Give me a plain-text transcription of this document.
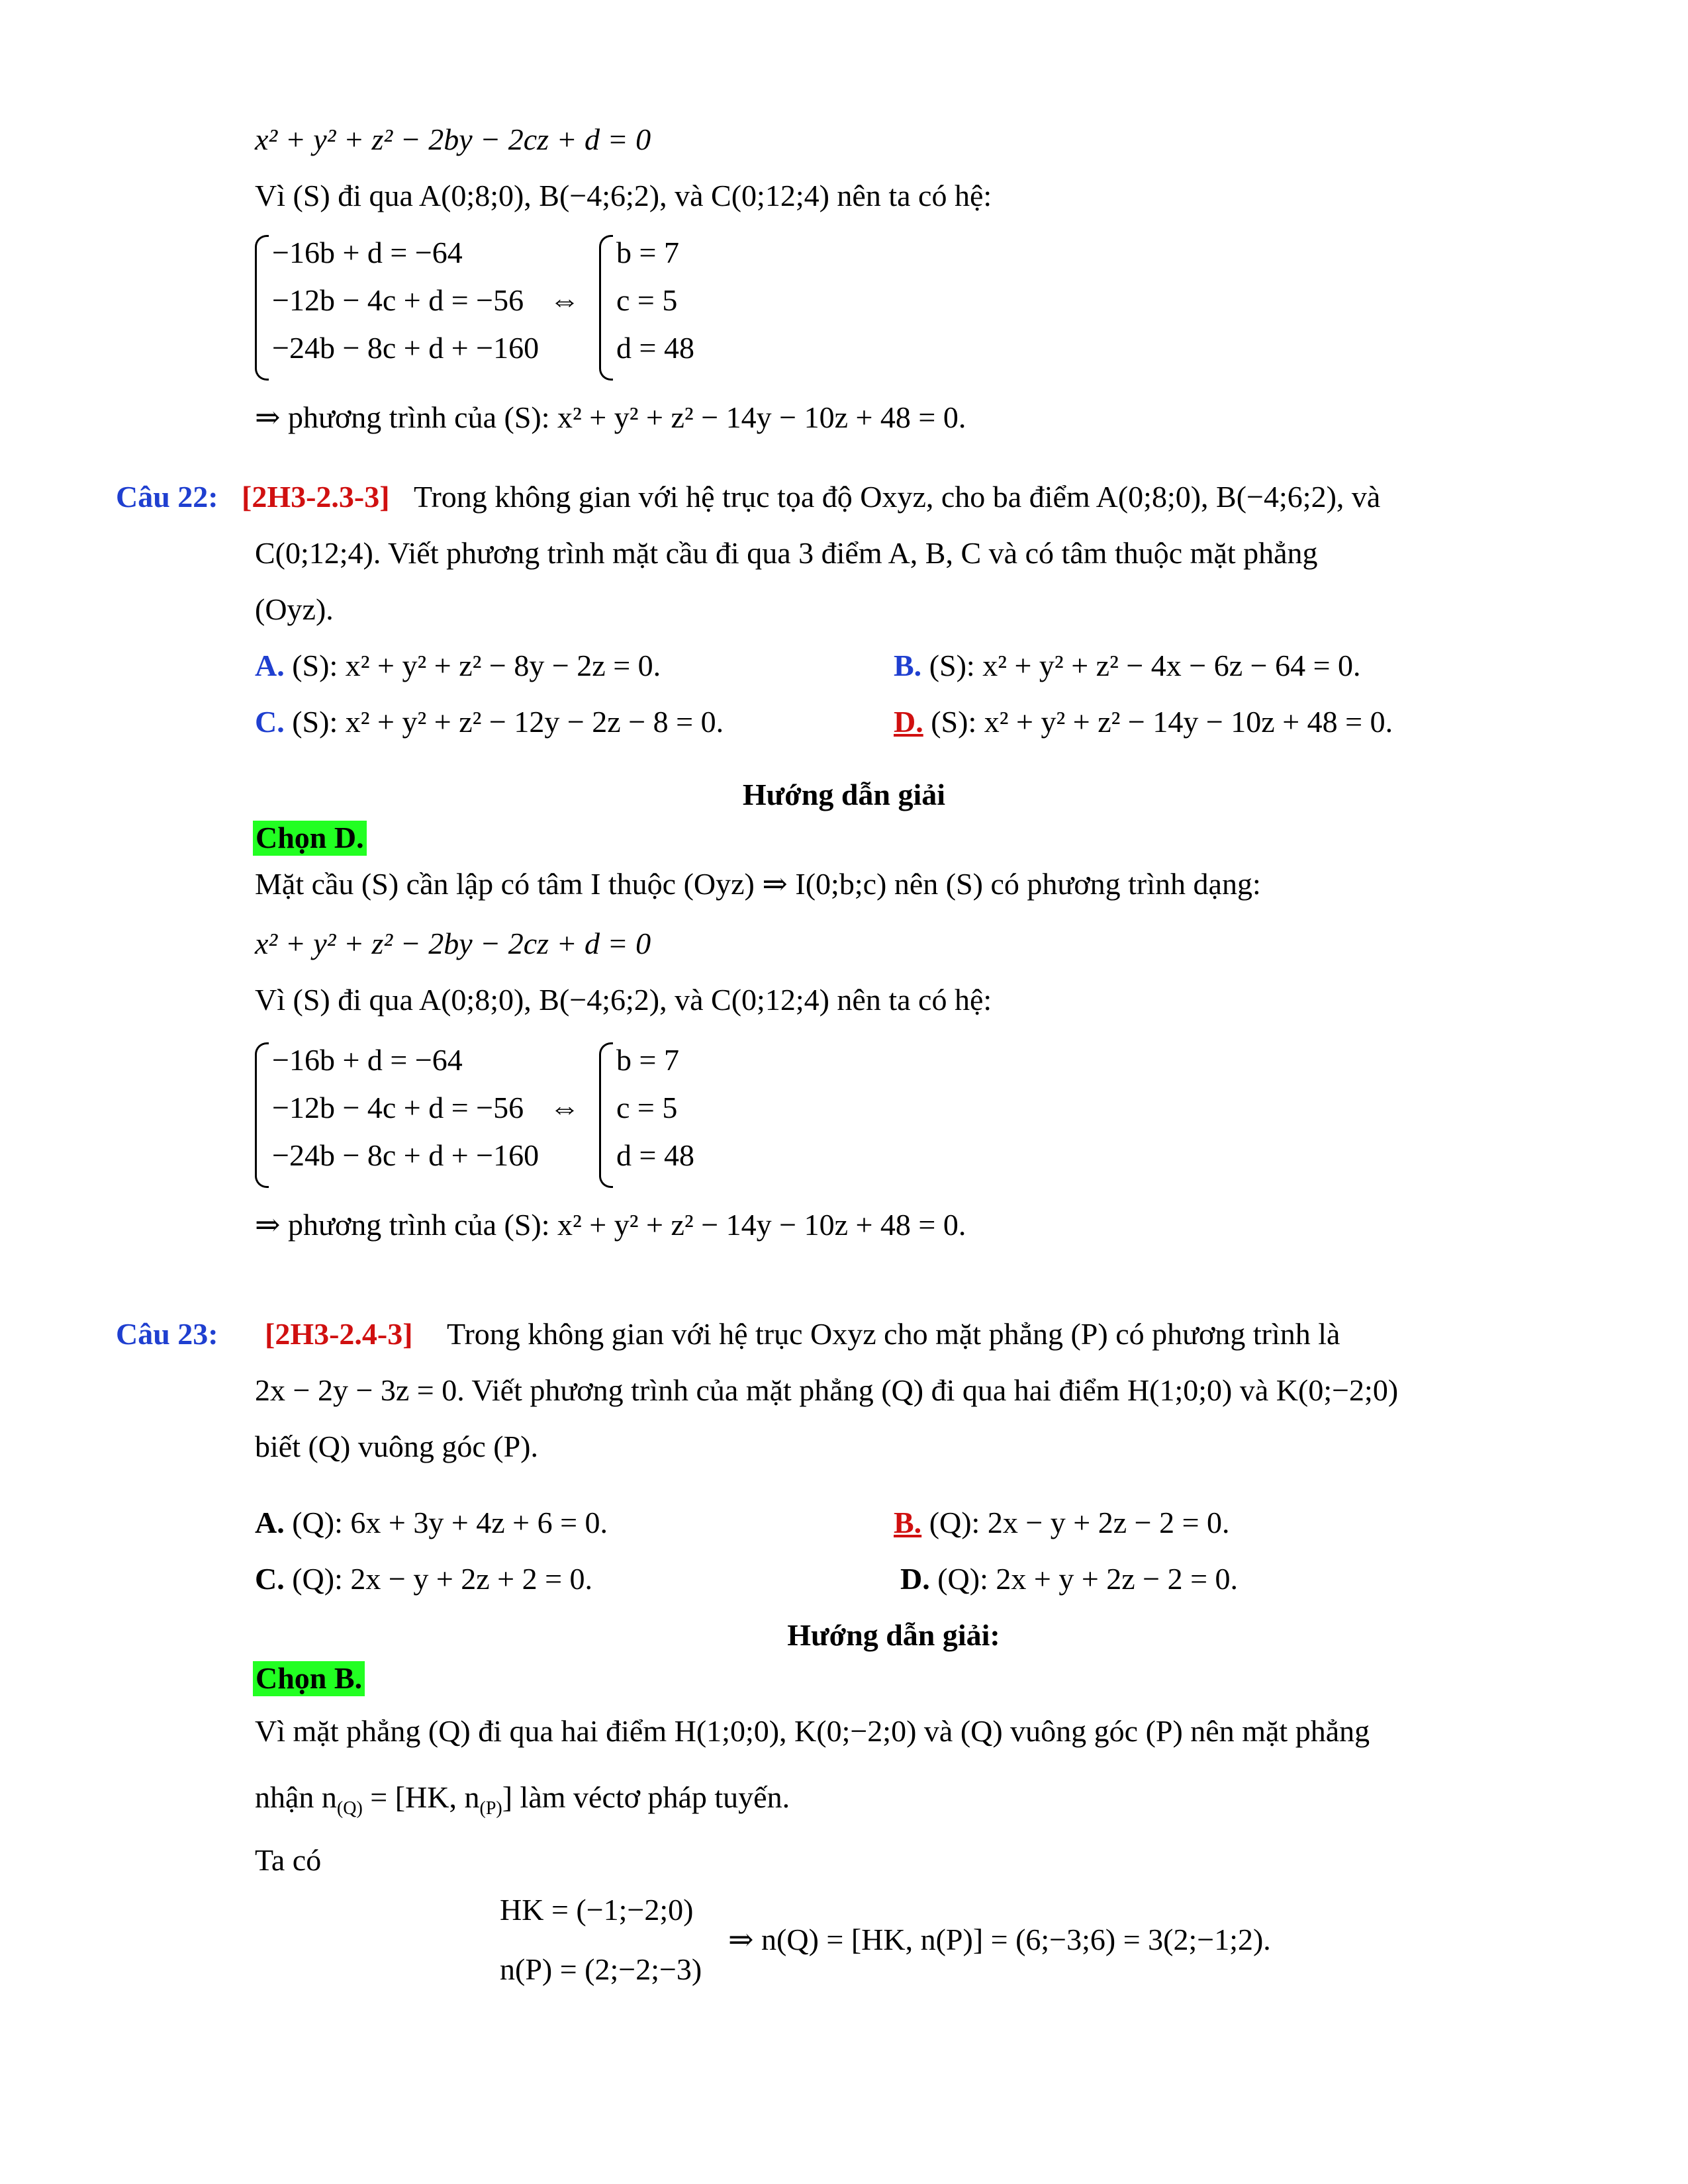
x² + y² + z² − 2by − 2cz + d = 0
Vì (S) đi qua A(0;8;0), B(−4;6;2), và C(0;12;4) nên ta có hệ:
−16b + d = −64
−12b − 4c + d = −56
−24b − 8c + d + −160
⇔
b = 7
c = 5
d = 48
⇒ phương trình của (S): x² + y² + z² − 14y − 10z + 48 = 0.
Câu 22: [2H3-2.3-3] Trong không gian với hệ trục tọa độ Oxyz, cho ba điểm A(0;8;0), B(−4;6;2), và
C(0;12;4). Viết phương trình mặt cầu đi qua 3 điểm A, B, C và có tâm thuộc mặt phẳng
(Oyz).
A. (S): x² + y² + z² − 8y − 2z = 0.	B. (S): x² + y² + z² − 4x − 6z − 64 = 0.
C. (S): x² + y² + z² − 12y − 2z − 8 = 0.	D. (S): x² + y² + z² − 14y − 10z + 48 = 0.
Hướng dẫn giải
Chọn D.
Mặt cầu (S) cần lập có tâm I thuộc (Oyz) ⇒ I(0;b;c) nên (S) có phương trình dạng:
x² + y² + z² − 2by − 2cz + d = 0
Vì (S) đi qua A(0;8;0), B(−4;6;2), và C(0;12;4) nên ta có hệ:
−16b + d = −64
−12b − 4c + d = −56
−24b − 8c + d + −160
⇔
b = 7
c = 5
d = 48
⇒ phương trình của (S): x² + y² + z² − 14y − 10z + 48 = 0.
Câu 23: [2H3-2.4-3] Trong không gian với hệ trục Oxyz cho mặt phẳng (P) có phương trình là
2x − 2y − 3z = 0. Viết phương trình của mặt phẳng (Q) đi qua hai điểm H(1;0;0) và K(0;−2;0)
biết (Q) vuông góc (P).
A. (Q): 6x + 3y + 4z + 6 = 0.	B. (Q): 2x − y + 2z − 2 = 0.
C. (Q): 2x − y + 2z + 2 = 0.	D. (Q): 2x + y + 2z − 2 = 0.
Hướng dẫn giải:
Chọn B.
Vì mặt phẳng (Q) đi qua hai điểm H(1;0;0), K(0;−2;0) và (Q) vuông góc (P) nên mặt phẳng
nhận $n_{(Q)} = [HK$, $n_{(P)}$] làm véctơ pháp tuyến.
Ta có
HK = (−1;−2;0)
n(P) = (2;−2;−3)
⇒ n(Q) = [HK, n(P)] = (6;−3;6) = 3(2;−1;2).
